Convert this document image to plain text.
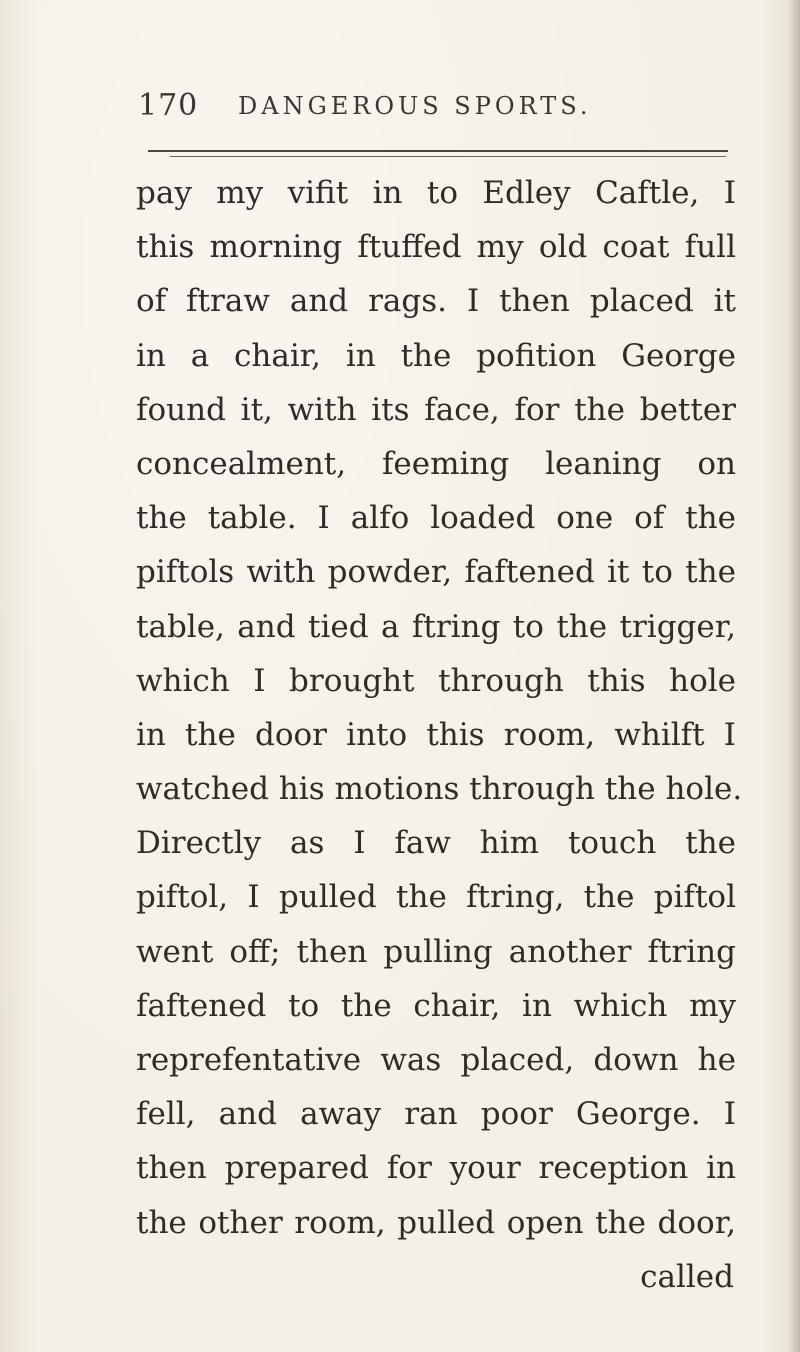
170 DANGEROUS SPORTS.
pay my vifit in to Edley Caftle, I
this morning ftuffed my old coat full
of ftraw and rags. I then placed it
in a chair, in the pofition George
found it, with its face, for the better
concealment, feeming leaning on
the table. I alfo loaded one of the
piftols with powder, faftened it to the
table, and tied a ftring to the trigger,
which I brought through this hole
in the door into this room, whilft I
watched his motions through the hole.
Directly as I faw him touch the
piftol, I pulled the ftring, the piftol
went off; then pulling another ftring
faftened to the chair, in which my
reprefentative was placed, down he
fell, and away ran poor George. I
then prepared for your reception in
the other room, pulled open the door,
called
